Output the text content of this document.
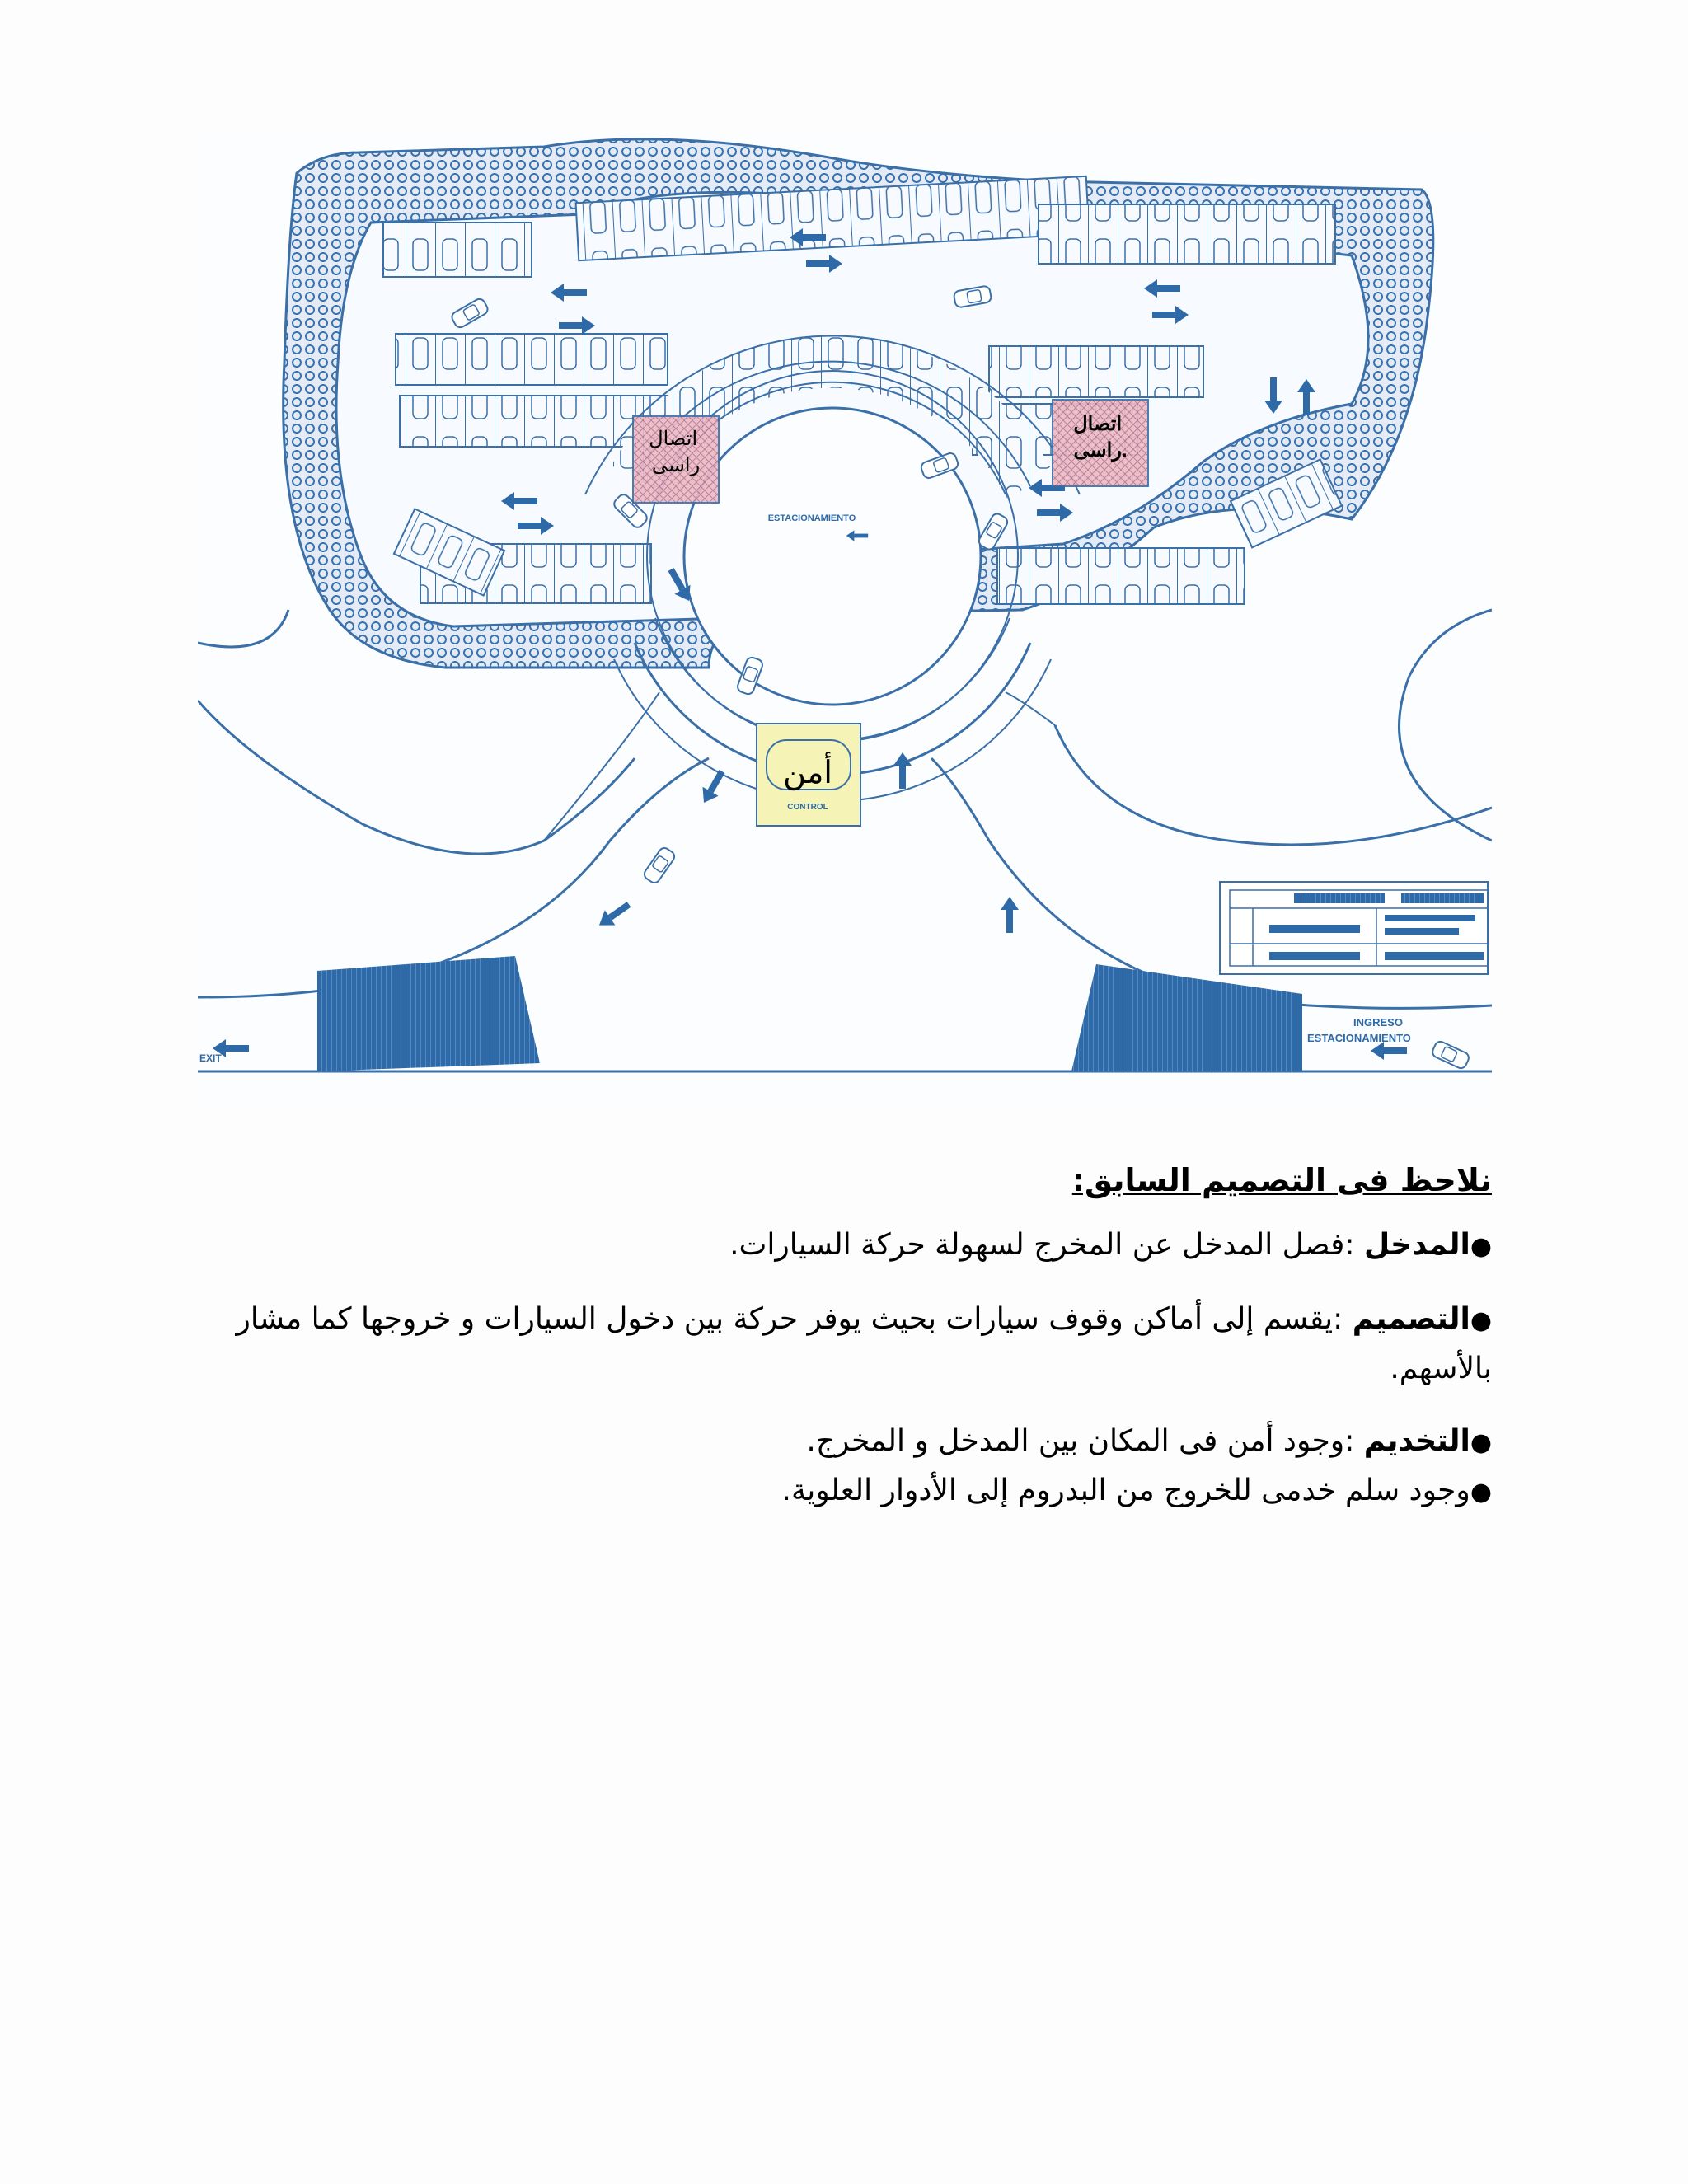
ESTACIONAMIENTO
اتصال راسى
اتصال راسى.
أمن
CONTROL
INGRESO
ESTACIONAMIENTO
EXIT
نلاحظ فى التصميم السابق:

●المدخل :فصل المدخل عن المخرج لسهولة حركة السيارات.

●التصميم :يقسم إلى أماكن وقوف سيارات بحيث يوفر حركة بين دخول السيارات و خروجها كما مشار بالأسهم.

●التخديم :وجود أمن فى المكان بين المدخل و المخرج.

●وجود سلم خدمى للخروج من البدروم إلى الأدوار العلوية.
